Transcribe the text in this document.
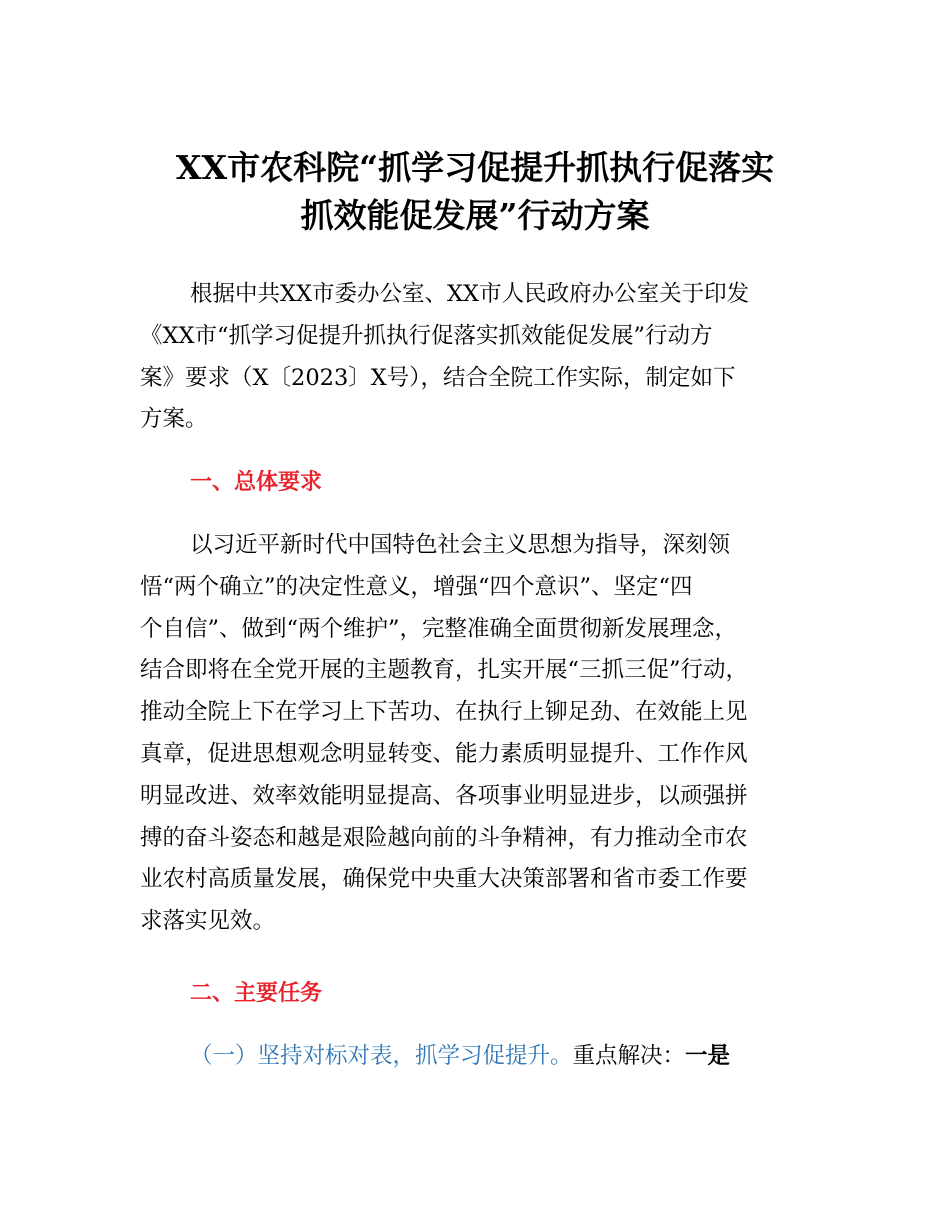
XX市农科院“抓学习促提升抓执行促落实
抓效能促发展”行动方案
根据中共XX市委办公室、XX市人民政府办公室关于印发
《XX市“抓学习促提升抓执行促落实抓效能促发展”行动方
案》要求（X〔2023〕X号），结合全院工作实际，制定如下
方案。
一、总体要求
以习近平新时代中国特色社会主义思想为指导，深刻领
悟“两个确立”的决定性意义，增强“四个意识”、坚定“四
个自信”、做到“两个维护”，完整准确全面贯彻新发展理念，
结合即将在全党开展的主题教育，扎实开展“三抓三促”行动，
推动全院上下在学习上下苦功、在执行上铆足劲、在效能上见
真章，促进思想观念明显转变、能力素质明显提升、工作作风
明显改进、效率效能明显提高、各项事业明显进步，以顽强拼
搏的奋斗姿态和越是艰险越向前的斗争精神，有力推动全市农
业农村高质量发展，确保党中央重大决策部署和省市委工作要
求落实见效。
二、主要任务
（一）坚持对标对表，抓学习促提升。重点解决：一是
